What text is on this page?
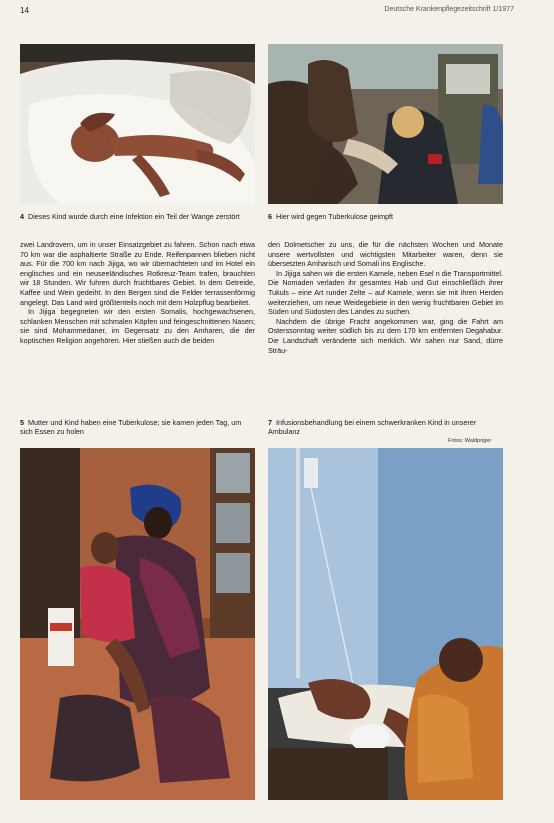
14	Deutsche Krankenpflegezeitschrift 1/1977
4 Dieses Kind wurde durch eine Infektion ein Teil der Wange zerstört	6 Hier wird gegen Tuberkulose geimpft

zwei Landrovern, um in unser Einsatzgebiet zu fahren. Schon nach etwa 70 km war die asphaltierte Straße zu Ende. Reifenpannen blieben nicht aus. Für die 700 km nach Jijiga, wo wir übernachteten und im Hotel ein englisches und ein neuseeländisches Rotkreuz-Team trafen, brauchten wir 18 Stunden. Wir fuhren durch fruchtbares Gebiet. In dem Getreide, Kaffee und Wein gedeiht. In den Bergen sind die Felder terrassenförmig angelegt. Das Land wird größtenteils noch mit dem Holzpflug bearbeitet.

In Jijiga begegneten wir den ersten Somalis, hochgewachsenen, schlanken Menschen mit schmalen Köpfen und feingeschnittenen Nasen; sie sind Mohammedaner, im Gegensatz zu den Amharen, die der koptischen Religion angehören. Hier stießen auch die beiden

den Dolmetscher zu uns, die für die nächsten Wochen und Monate unsere wertvollsten und wichtigsten Mitarbeiter waren, denn sie übersetzten Amharisch und Somali ins Englische.

In Jijiga sahen wir die ersten Kamele, neben Esel n die Transportmittel. Die Nomaden verladen ihr gesamtes Hab und Gut einschließlich ihrer Tukuls – eine Art runder Zelte – auf Kamele, wenn sie mit ihren Herden weiterziehen, um neue Weidegebiete in den wenig fruchtbaren Gebiet im Süden und Südosten des Landes zu suchen.

Nachdem die übrige Fracht angekommen war, ging die Fahrt am Osterssonntag weiter südlich bis zu dem 170 km entfernten Degahabur. Die Landschaft veränderte sich merklich. Wir sahen nur Sand, dürre Sträu-

5 Mutter und Kind haben eine Tuberkulose; sie kamen jeden Tag, um sich Essen zu holen
7 Infusionsbehandlung bei einem schwerkranken Kind in unserer Ambulanz
Fotos: Waldpriger
